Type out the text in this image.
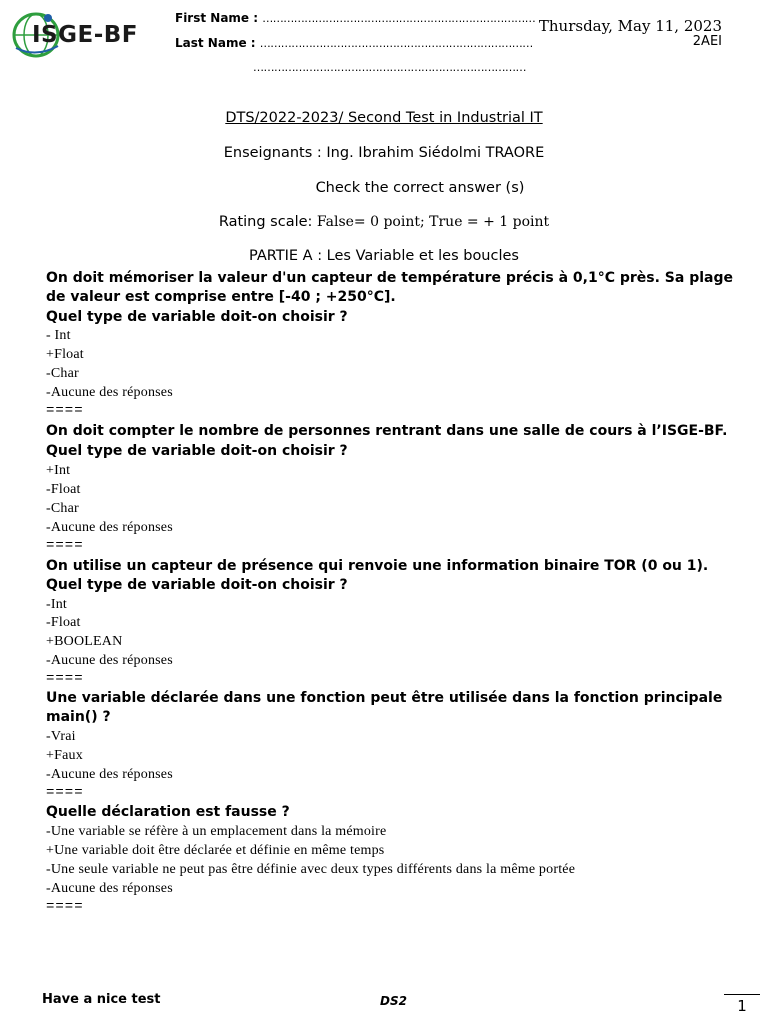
ISGE-BF
First Name : ……………………………………………………………………
Last Name : ……………………………………………………………………
……………………………………………………………………
Thursday, May 11, 2023
2AEI
DTS/2022-2023/ Second Test in Industrial IT
Enseignants : Ing. Ibrahim Siédolmi TRAORE
Check the correct answer (s)
Rating scale: False= 0 point; True = + 1 point
PARTIE A : Les Variable et les boucles
On doit mémoriser la valeur d'un capteur de température précis à 0,1°C près. Sa plage de valeur est comprise entre [-40 ; +250°C].
Quel type de variable doit-on choisir ?
- Int
+Float
-Char
-Aucune des réponses
====
On doit compter le nombre de personnes rentrant dans une salle de cours à l’ISGE-BF.
Quel type de variable doit-on choisir ?
+Int
-Float
-Char
-Aucune des réponses
====
On utilise un capteur de présence qui renvoie une information binaire TOR (0 ou 1).
Quel type de variable doit-on choisir ?
-Int
-Float
+BOOLEAN
-Aucune des réponses
====
Une variable déclarée dans une fonction peut être utilisée dans la fonction principale main() ?
-Vrai
+Faux
-Aucune des réponses
====
Quelle déclaration est fausse ?
-Une variable se réfère à un emplacement dans la mémoire
+Une variable doit être déclarée et définie en même temps
-Une seule variable ne peut pas être définie avec deux types différents dans la même portée
-Aucune des réponses
====
Have a nice test	DS2	1
